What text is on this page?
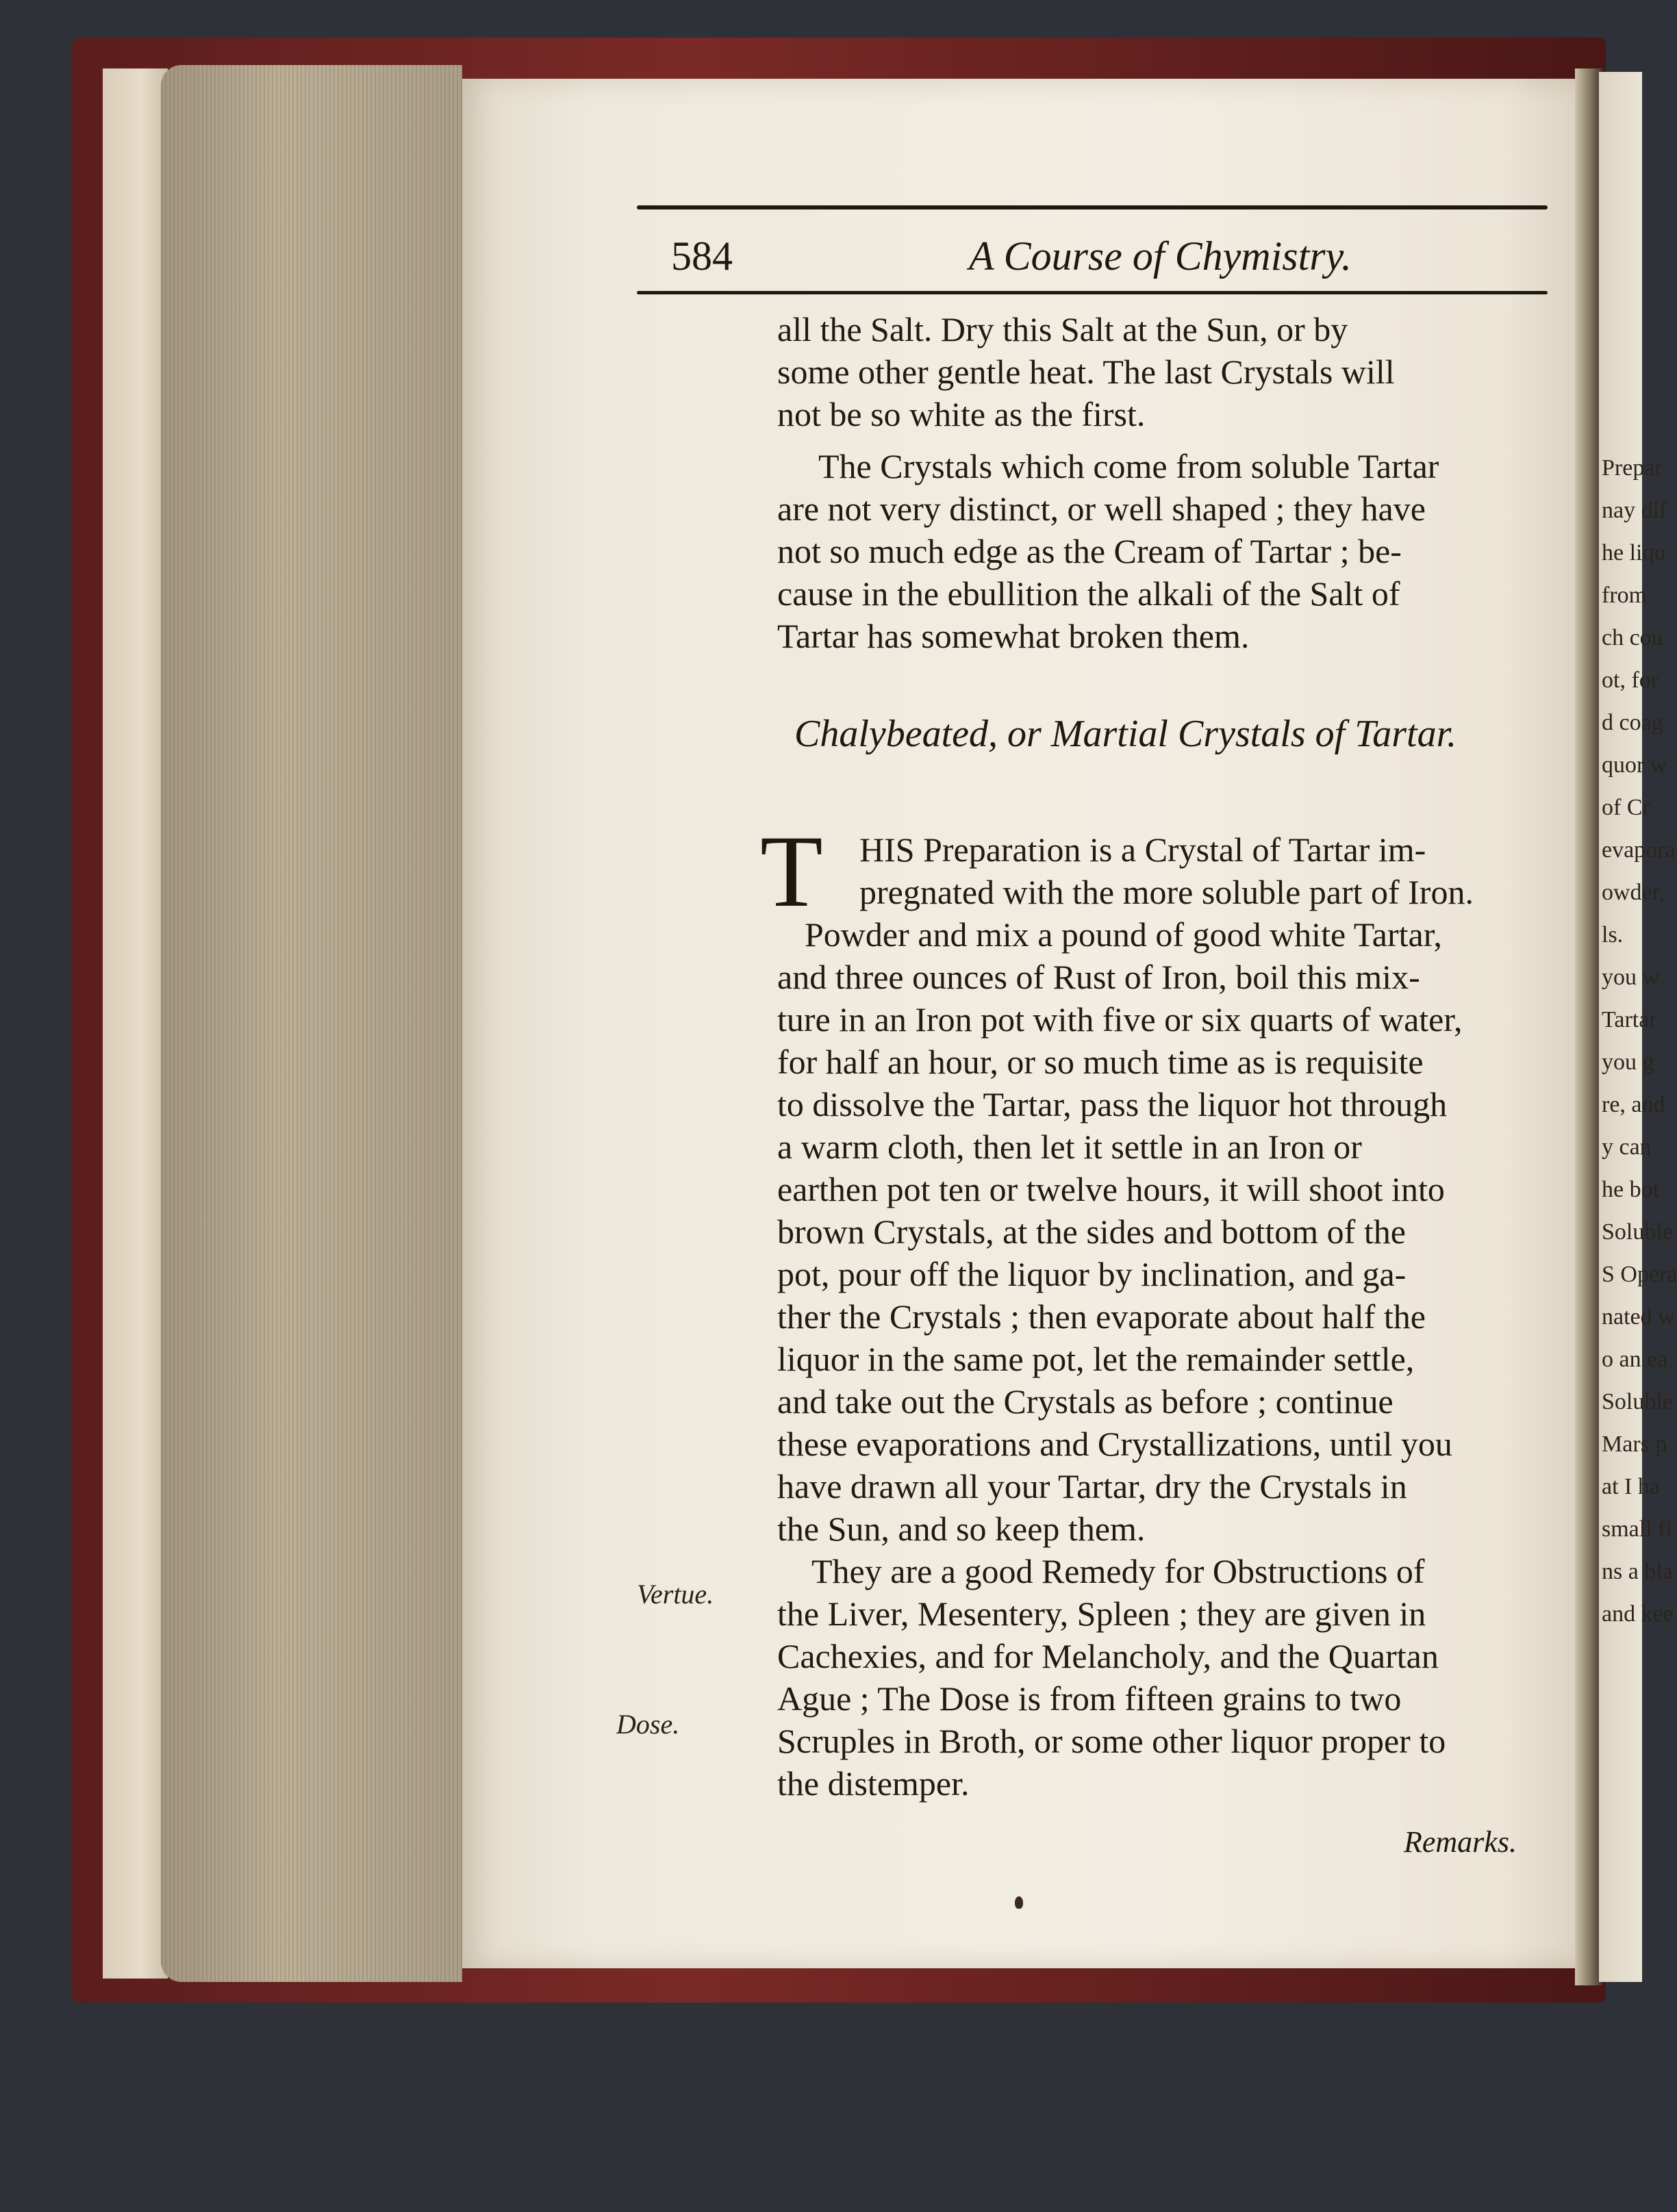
Prepar
nay dif
he liqu
from
ch cou
ot, for
d coag
quor w
of Cr
evapora
owder,
ls.
you w
Tartar
you g
re, and
y can
he bot
Soluble
S Opera
nated w
o an ea
Soluble
Mars p
at I ha
small fi
ns a bla
and kee
584	A Course of Chymistry.
all the Salt. Dry this Salt at the Sun, or by
some other gentle heat. The last Crystals will
not be so white as the first.
The Crystals which come from soluble Tartar
are not very distinct, or well shaped ; they have
not so much edge as the Cream of Tartar ; be-
cause in the ebullition the alkali of the Salt of
Tartar has somewhat broken them.
HIS Preparation is a Crystal of Tartar im-
pregnated with the more soluble part of Iron.
Powder and mix a pound of good white Tartar,
and three ounces of Rust of Iron, boil this mix-
ture in an Iron pot with five or six quarts of water,
for half an hour, or so much time as is requisite
to dissolve the Tartar, pass the liquor hot through
a warm cloth, then let it settle in an Iron or
earthen pot ten or twelve hours, it will shoot into
brown Crystals, at the sides and bottom of the
pot, pour off the liquor by inclination, and ga-
ther the Crystals ; then evaporate about half the
liquor in the same pot, let the remainder settle,
and take out the Crystals as before ; continue
these evaporations and Crystallizations, until you
have drawn all your Tartar, dry the Crystals in
the Sun, and so keep them.
They are a good Remedy for Obstructions of
the Liver, Mesentery, Spleen ; they are given in
Cachexies, and for Melancholy, and the Quartan
Ague ; The Dose is from fifteen grains to two
Scruples in Broth, or some other liquor proper to
the distemper.
Chalybeated, or Martial Crystals of Tartar.
T
Vertue.
Dose.
Remarks.
